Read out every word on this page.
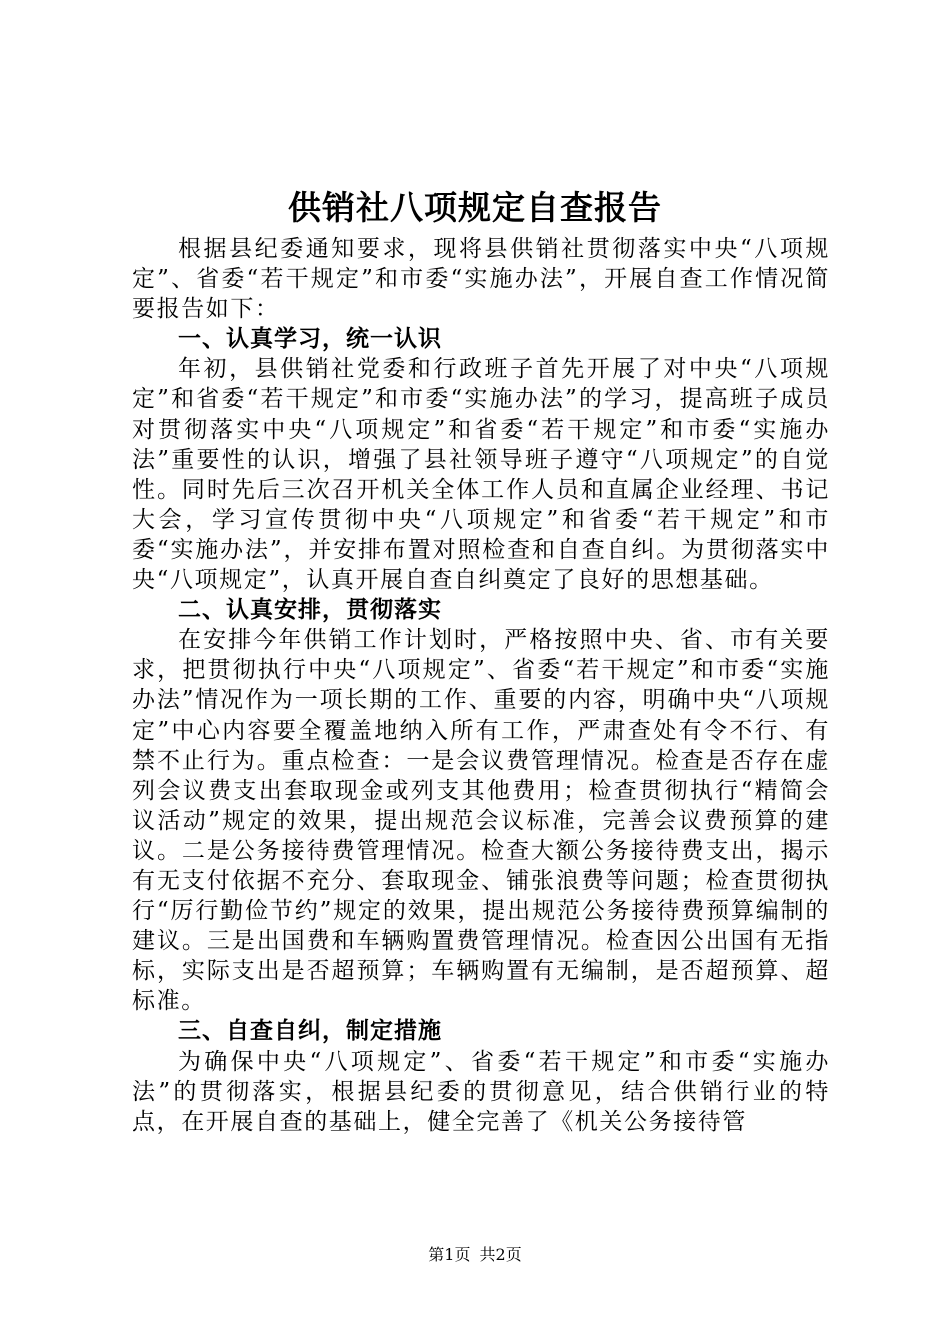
供销社八项规定自查报告

根据县纪委通知要求，现将县供销社贯彻落实中央“八项规定”、省委“若干规定”和市委“实施办法”，开展自查工作情况简要报告如下：

一、认真学习，统一认识

年初，县供销社党委和行政班子首先开展了对中央“八项规定”和省委“若干规定”和市委“实施办法”的学习，提高班子成员对贯彻落实中央“八项规定”和省委“若干规定”和市委“实施办法”重要性的认识，增强了县社领导班子遵守“八项规定”的自觉性。同时先后三次召开机关全体工作人员和直属企业经理、书记大会，学习宣传贯彻中央“八项规定”和省委“若干规定”和市委“实施办法”，并安排布置对照检查和自查自纠。为贯彻落实中央“八项规定”，认真开展自查自纠奠定了良好的思想基础。

二、认真安排，贯彻落实

在安排今年供销工作计划时，严格按照中央、省、市有关要求，把贯彻执行中央“八项规定”、省委“若干规定”和市委“实施办法”情况作为一项长期的工作、重要的内容，明确中央“八项规定”中心内容要全覆盖地纳入所有工作，严肃查处有令不行、有禁不止行为。重点检查：一是会议费管理情况。检查是否存在虚列会议费支出套取现金或列支其他费用；检查贯彻执行“精简会议活动”规定的效果，提出规范会议标准，完善会议费预算的建议。二是公务接待费管理情况。检查大额公务接待费支出，揭示有无支付依据不充分、套取现金、铺张浪费等问题；检查贯彻执行“厉行勤俭节约”规定的效果，提出规范公务接待费预算编制的建议。三是出国费和车辆购置费管理情况。检查因公出国有无指标，实际支出是否超预算；车辆购置有无编制，是否超预算、超标准。

三、自查自纠，制定措施

为确保中央“八项规定”、省委“若干规定”和市委“实施办法”的贯彻落实，根据县纪委的贯彻意见，结合供销行业的特点，在开展自查的基础上，健全完善了《机关公务接待管

第1页 共2页
